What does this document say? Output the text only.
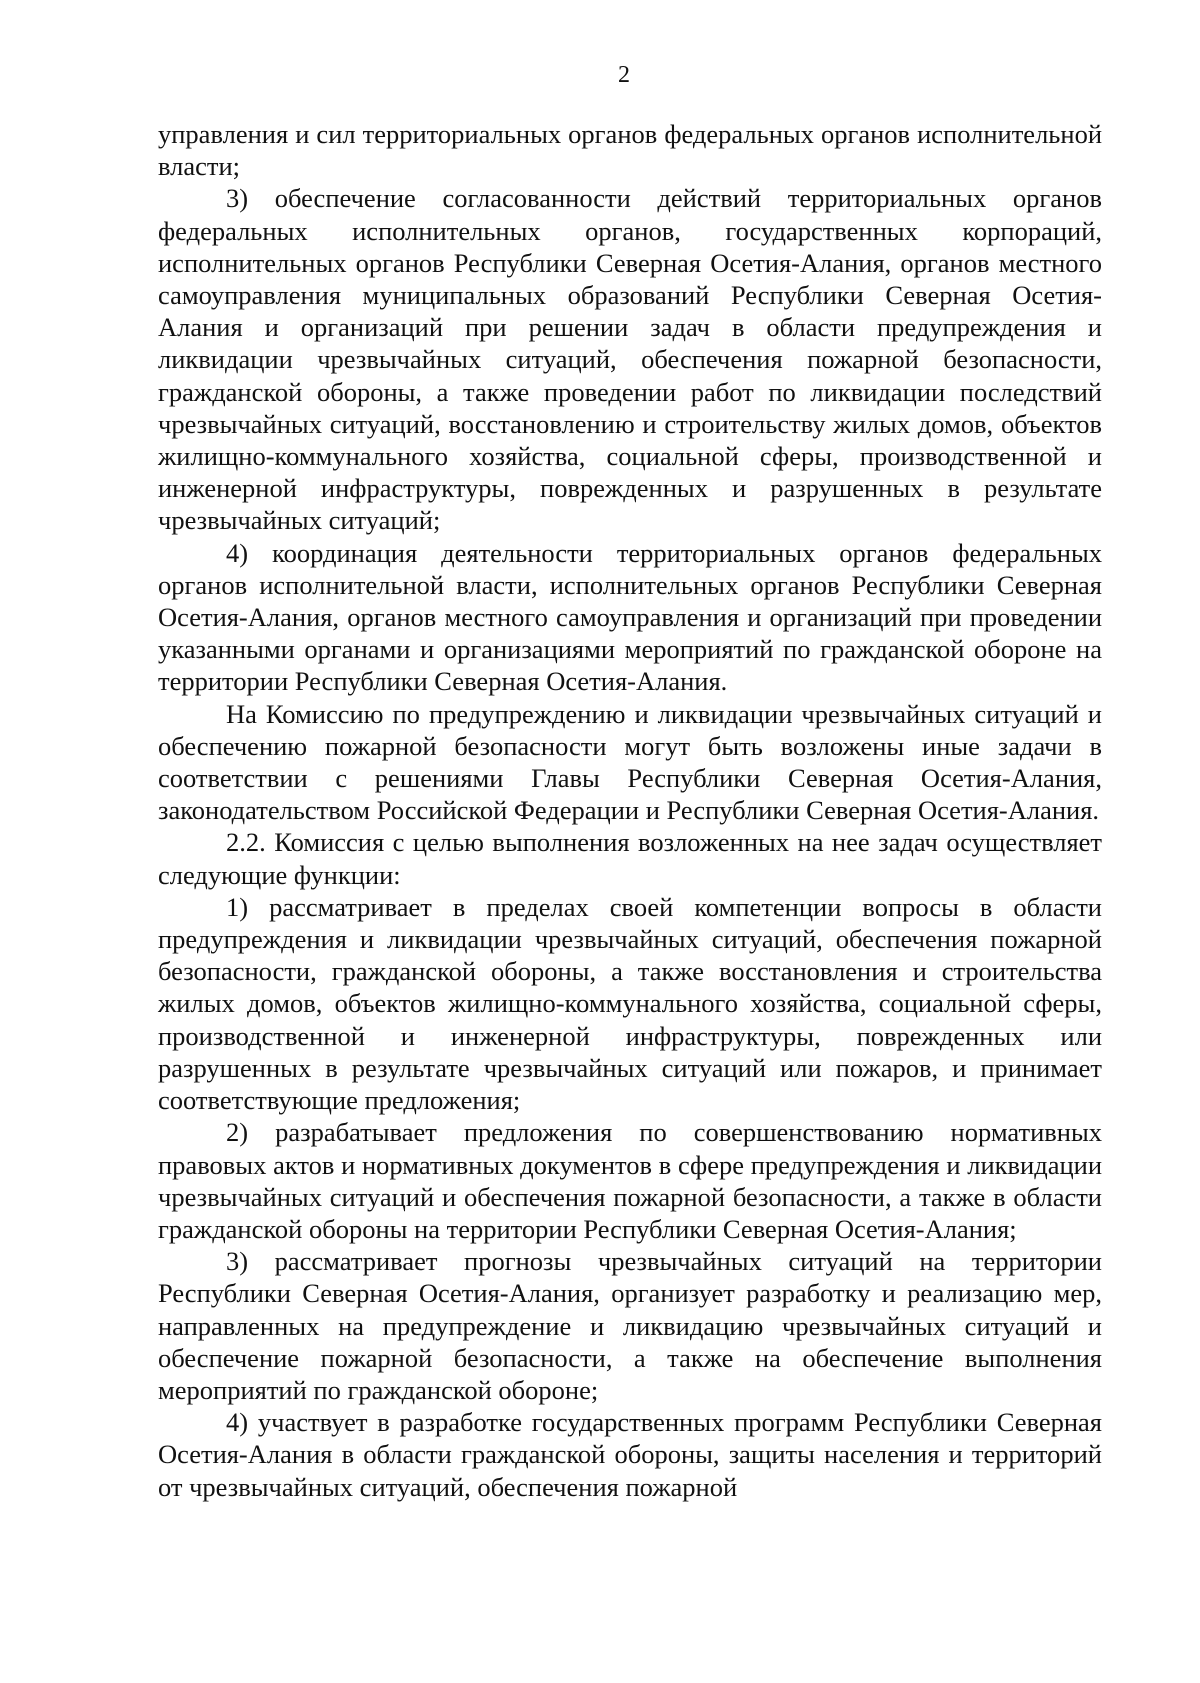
2

управления и сил территориальных органов федеральных органов исполнительной власти;

3) обеспечение согласованности действий территориальных органов федеральных исполнительных органов, государственных корпораций, исполнительных органов Республики Северная Осетия-Алания, органов местного самоуправления муниципальных образований Республики Северная Осетия-Алания и организаций при решении задач в области предупреждения и ликвидации чрезвычайных ситуаций, обеспечения пожарной безопасности, гражданской обороны, а также проведении работ по ликвидации последствий чрезвычайных ситуаций, восстановлению и строительству жилых домов, объектов жилищно-коммунального хозяйства, социальной сферы, производственной и инженерной инфраструктуры, поврежденных и разрушенных в результате чрезвычайных ситуаций;

4) координация деятельности территориальных органов федеральных органов исполнительной власти, исполнительных органов Республики Северная Осетия-Алания, органов местного самоуправления и организаций при проведении указанными органами и организациями мероприятий по гражданской обороне на территории Республики Северная Осетия-Алания.

На Комиссию по предупреждению и ликвидации чрезвычайных ситуаций и обеспечению пожарной безопасности могут быть возложены иные задачи в соответствии с решениями Главы Республики Северная Осетия-Алания, законодательством Российской Федерации и Республики Северная Осетия-Алания.

2.2. Комиссия с целью выполнения возложенных на нее задач осуществляет следующие функции:

1) рассматривает в пределах своей компетенции вопросы в области предупреждения и ликвидации чрезвычайных ситуаций, обеспечения пожарной безопасности, гражданской обороны, а также восстановления и строительства жилых домов, объектов жилищно-коммунального хозяйства, социальной сферы, производственной и инженерной инфраструктуры, поврежденных или разрушенных в результате чрезвычайных ситуаций или пожаров, и принимает соответствующие предложения;

2) разрабатывает предложения по совершенствованию нормативных правовых актов и нормативных документов в сфере предупреждения и ликвидации чрезвычайных ситуаций и обеспечения пожарной безопасности, а также в области гражданской обороны на территории Республики Северная Осетия-Алания;

3) рассматривает прогнозы чрезвычайных ситуаций на территории Республики Северная Осетия-Алания, организует разработку и реализацию мер, направленных на предупреждение и ликвидацию чрезвычайных ситуаций и обеспечение пожарной безопасности, а также на обеспечение выполнения мероприятий по гражданской обороне;

4) участвует в разработке государственных программ Республики Северная Осетия-Алания в области гражданской обороны, защиты населения и территорий от чрезвычайных ситуаций, обеспечения пожарной
